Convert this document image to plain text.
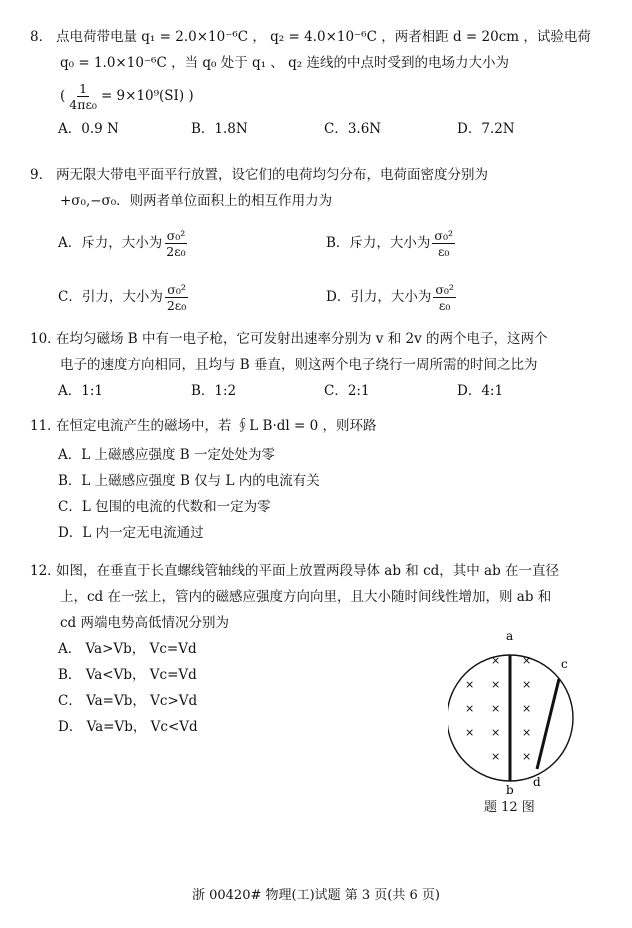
8． 点电荷带电量 q₁ = 2.0×10⁻⁶C ， q₂ = 4.0×10⁻⁶C ，两者相距 d = 20cm ，试验电荷
q₀ = 1.0×10⁻⁶C ，当 q₀ 处于 q₁ 、 q₂ 连线的中点时受到的电场力大小为
( $\frac{1}{\text{4πε₀}} = 9\times 10^9(SI)$ )
A．0.9 N	B．1.8N	C．3.6N	D．7.2N
9． 两无限大带电平面平行放置，设它们的电荷均匀分布，电荷面密度分别为
+σ₀,−σ₀．则两者单位面积上的相互作用力为
A．斥力，大小为 $\frac{\text{σ₀²}}{\text{2ε₀}}$	B．斥力，大小为 $\frac{\text{σ₀²}}{\text{ε₀}}$
C．引力，大小为 $\frac{\text{σ₀²}}{\text{2ε₀}}$	D．引力，大小为 $\frac{\text{σ₀²}}{\text{ε₀}}$
10．在均匀磁场 B 中有一电子枪，它可发射出速率分别为 v 和 2v 的两个电子，这两个
电子的速度方向相同，且均与 B 垂直，则这两个电子绕行一周所需的时间之比为
A．1:1	B．1:2	C．2:1	D．4:1
11．在恒定电流产生的磁场中，若 ∮L B·dl = 0 ，则环路
A．L 上磁感应强度 B 一定处处为零
B．L 上磁感应强度 B 仅与 L 内的电流有关
C．L 包围的电流的代数和一定为零
D．L 内一定无电流通过
12．如图，在垂直于长直螺线管轴线的平面上放置两段导体 ab 和 cd，其中 ab 在一直径
上，cd 在一弦上，管内的磁感应强度方向向里，且大小随时间线性增加，则 ab 和
cd 两端电势高低情况分别为
A． Va>Vb， Vc=Vd
B． Va<Vb， Vc=Vd
C． Va=Vb， Vc>Vd
D． Va=Vb， Vc<Vd
a
b
c
d
× ×
× × ×
× × ×
× × ×
× ×
题 12 图
浙 00420# 物理(工)试题 第 3 页(共 6 页)
